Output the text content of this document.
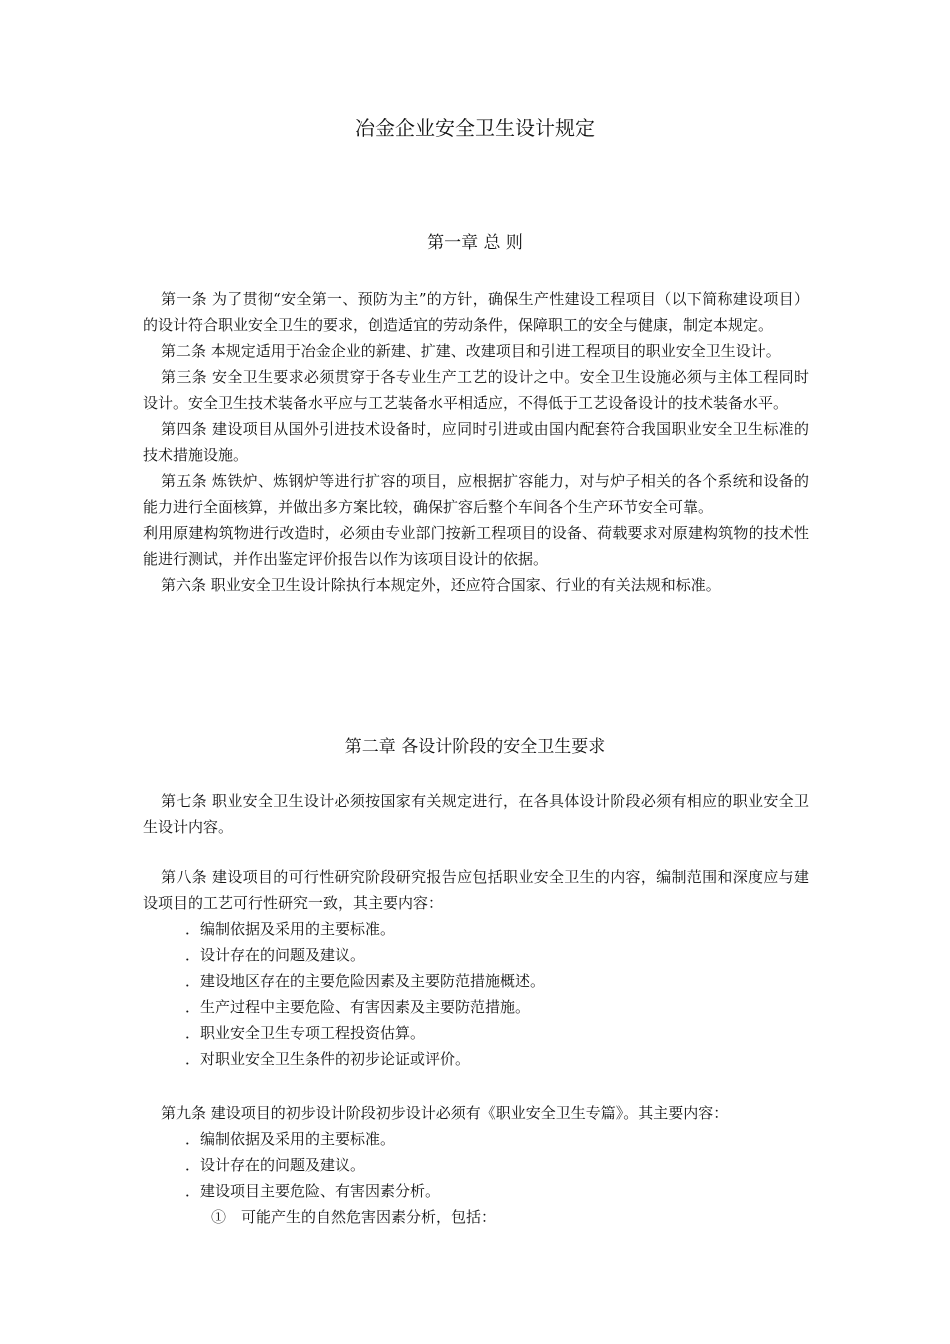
冶金企业安全卫生设计规定
第一章 总 则

第一条 为了贯彻“安全第一、预防为主”的方针，确保生产性建设工程项目（以下简称建设项目）的设计符合职业安全卫生的要求，创造适宜的劳动条件，保障职工的安全与健康，制定本规定。

第二条 本规定适用于冶金企业的新建、扩建、改建项目和引进工程项目的职业安全卫生设计。

第三条 安全卫生要求必须贯穿于各专业生产工艺的设计之中。安全卫生设施必须与主体工程同时设计。安全卫生技术装备水平应与工艺装备水平相适应，不得低于工艺设备设计的技术装备水平。

第四条 建设项目从国外引进技术设备时，应同时引进或由国内配套符合我国职业安全卫生标准的技术措施设施。

第五条 炼铁炉、炼钢炉等进行扩容的项目，应根据扩容能力，对与炉子相关的各个系统和设备的能力进行全面核算，并做出多方案比较，确保扩容后整个车间各个生产环节安全可靠。

利用原建构筑物进行改造时，必须由专业部门按新工程项目的设备、荷载要求对原建构筑物的技术性能进行测试，并作出鉴定评价报告以作为该项目设计的依据。

第六条 职业安全卫生设计除执行本规定外，还应符合国家、行业的有关法规和标准。

第二章 各设计阶段的安全卫生要求

第七条 职业安全卫生设计必须按国家有关规定进行，在各具体设计阶段必须有相应的职业安全卫生设计内容。

第八条 建设项目的可行性研究阶段研究报告应包括职业安全卫生的内容，编制范围和深度应与建设项目的工艺可行性研究一致，其主要内容：

．编制依据及采用的主要标准。

．设计存在的问题及建议。

．建设地区存在的主要危险因素及主要防范措施概述。

．生产过程中主要危险、有害因素及主要防范措施。

．职业安全卫生专项工程投资估算。

．对职业安全卫生条件的初步论证或评价。

第九条 建设项目的初步设计阶段初步设计必须有《职业安全卫生专篇》。其主要内容：

．编制依据及采用的主要标准。

．设计存在的问题及建议。

．建设项目主要危险、有害因素分析。

①　可能产生的自然危害因素分析，包括：
